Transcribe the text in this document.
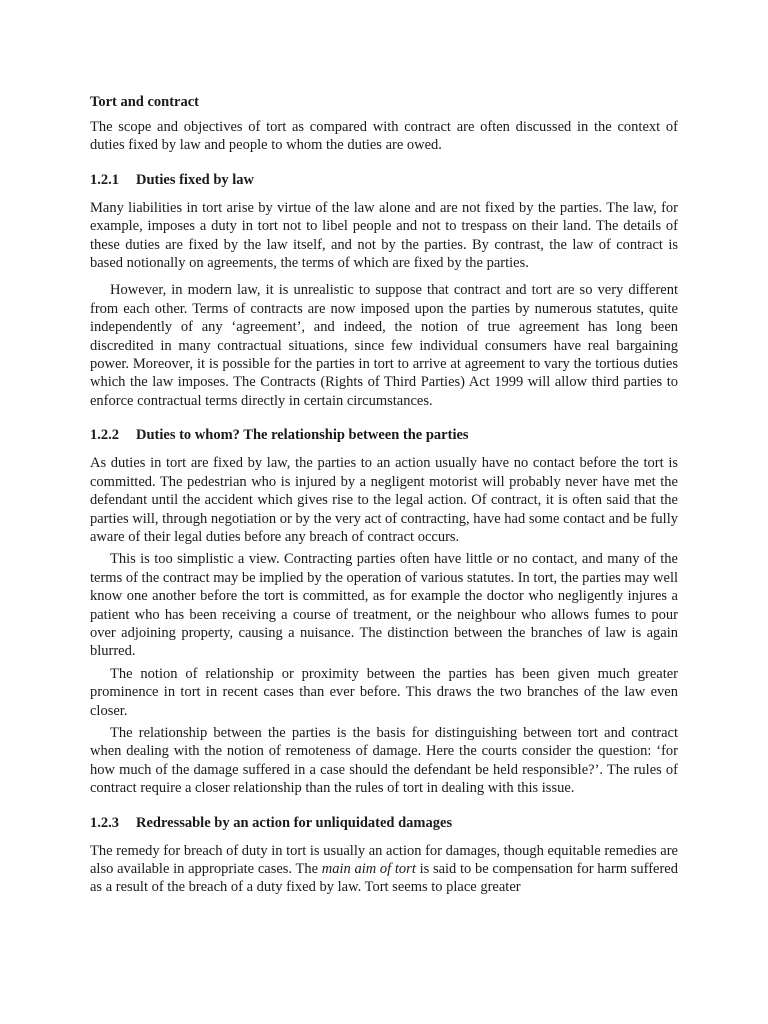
Tort and contract

The scope and objectives of tort as compared with contract are often discussed in the context of duties fixed by law and people to whom the duties are owed.

1.2.1 Duties fixed by law

Many liabilities in tort arise by virtue of the law alone and are not fixed by the parties. The law, for example, imposes a duty in tort not to libel people and not to trespass on their land. The details of these duties are fixed by the law itself, and not by the parties. By contrast, the law of contract is based notionally on agreements, the terms of which are fixed by the parties.

However, in modern law, it is unrealistic to suppose that contract and tort are so very different from each other. Terms of contracts are now imposed upon the parties by numerous statutes, quite independently of any ‘agreement’, and indeed, the notion of true agreement has long been discredited in many contractual situations, since few individual consumers have real bargaining power. Moreover, it is possible for the parties in tort to arrive at agreement to vary the tortious duties which the law imposes. The Contracts (Rights of Third Parties) Act 1999 will allow third parties to enforce contractual terms directly in certain circumstances.

1.2.2 Duties to whom? The relationship between the parties

As duties in tort are fixed by law, the parties to an action usually have no contact before the tort is committed. The pedestrian who is injured by a negligent motorist will probably never have met the defendant until the accident which gives rise to the legal action. Of contract, it is often said that the parties will, through negotiation or by the very act of contracting, have had some contact and be fully aware of their legal duties before any breach of contract occurs.

This is too simplistic a view. Contracting parties often have little or no contact, and many of the terms of the contract may be implied by the operation of various statutes. In tort, the parties may well know one another before the tort is committed, as for example the doctor who negligently injures a patient who has been receiving a course of treatment, or the neighbour who allows fumes to pour over adjoining property, causing a nuisance. The distinction between the branches of law is again blurred.

The notion of relationship or proximity between the parties has been given much greater prominence in tort in recent cases than ever before. This draws the two branches of the law even closer.

The relationship between the parties is the basis for distinguishing between tort and contract when dealing with the notion of remoteness of damage. Here the courts consider the question: ‘for how much of the damage suffered in a case should the defendant be held responsible?’. The rules of contract require a closer relationship than the rules of tort in dealing with this issue.

1.2.3 Redressable by an action for unliquidated damages

The remedy for breach of duty in tort is usually an action for damages, though equitable remedies are also available in appropriate cases. The main aim of tort is said to be compensation for harm suffered as a result of the breach of a duty fixed by law. Tort seems to place greater
